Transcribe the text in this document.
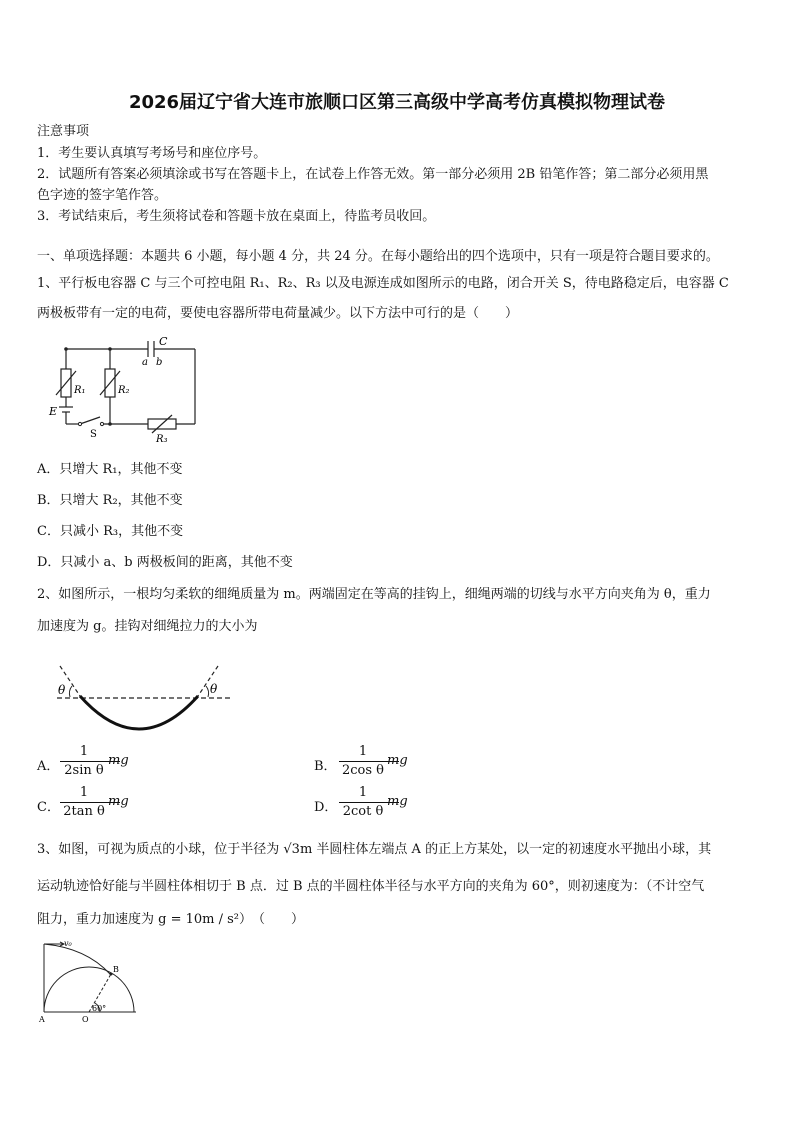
2026届辽宁省大连市旅顺口区第三高级中学高考仿真模拟物理试卷
注意事项
1．考生要认真填写考场号和座位序号。
2．试题所有答案必须填涂或书写在答题卡上，在试卷上作答无效。第一部分必须用 2B 铅笔作答；第二部分必须用黑
色字迹的签字笔作答。
3．考试结束后，考生须将试卷和答题卡放在桌面上，待监考员收回。
一、单项选择题：本题共 6 小题，每小题 4 分，共 24 分。在每小题给出的四个选项中，只有一项是符合题目要求的。
1、平行板电容器 C 与三个可控电阻 R₁、R₂、R₃ 以及电源连成如图所示的电路，闭合开关 S，待电路稳定后，电容器 C
两极板带有一定的电荷，要使电容器所带电荷量减少。以下方法中可行的是（　　）
C
a b
R₁	R₂
E
S	R₃
A．只增大 R₁，其他不变
B．只增大 R₂，其他不变
C．只减小 R₃，其他不变
D．只减小 a、b 两极板间的距离，其他不变
2、如图所示，一根均匀柔软的细绳质量为 m。两端固定在等高的挂钩上，细绳两端的切线与水平方向夹角为 θ，重力
加速度为 g。挂钩对细绳拉力的大小为
θ	θ
A．
1
2sin θ
mg	B．
1
2cos θ
mg
C．
1
2tan θ
mg	D．
1
2cot θ
mg
3、如图，可视为质点的小球，位于半径为 √3m 半圆柱体左端点 A 的正上方某处，以一定的初速度水平抛出小球，其
运动轨迹恰好能与半圆柱体相切于 B 点．过 B 点的半圆柱体半径与水平方向的夹角为 60°，则初速度为：（不计空气
阻力，重力加速度为 g = 10m / s²）　（　　）
v₀
B
A	O
60°
